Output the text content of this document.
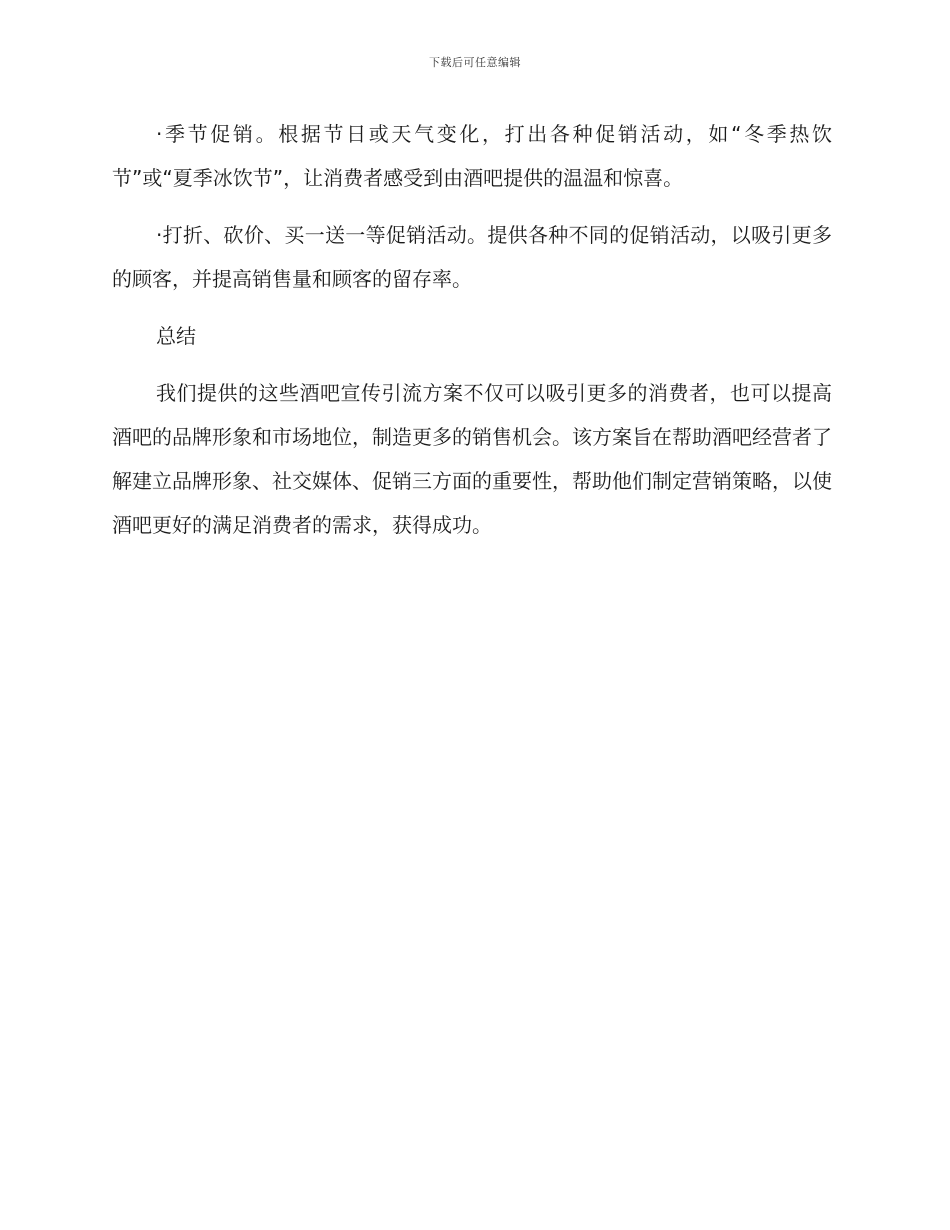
下载后可任意编辑

·季节促销。根据节日或天气变化，打出各种促销活动，如“冬季热饮节”或“夏季冰饮节”，让消费者感受到由酒吧提供的温温和惊喜。

·打折、砍价、买一送一等促销活动。提供各种不同的促销活动，以吸引更多的顾客，并提高销售量和顾客的留存率。

总结

我们提供的这些酒吧宣传引流方案不仅可以吸引更多的消费者，也可以提高酒吧的品牌形象和市场地位，制造更多的销售机会。该方案旨在帮助酒吧经营者了解建立品牌形象、社交媒体、促销三方面的重要性，帮助他们制定营销策略，以使酒吧更好的满足消费者的需求，获得成功。
